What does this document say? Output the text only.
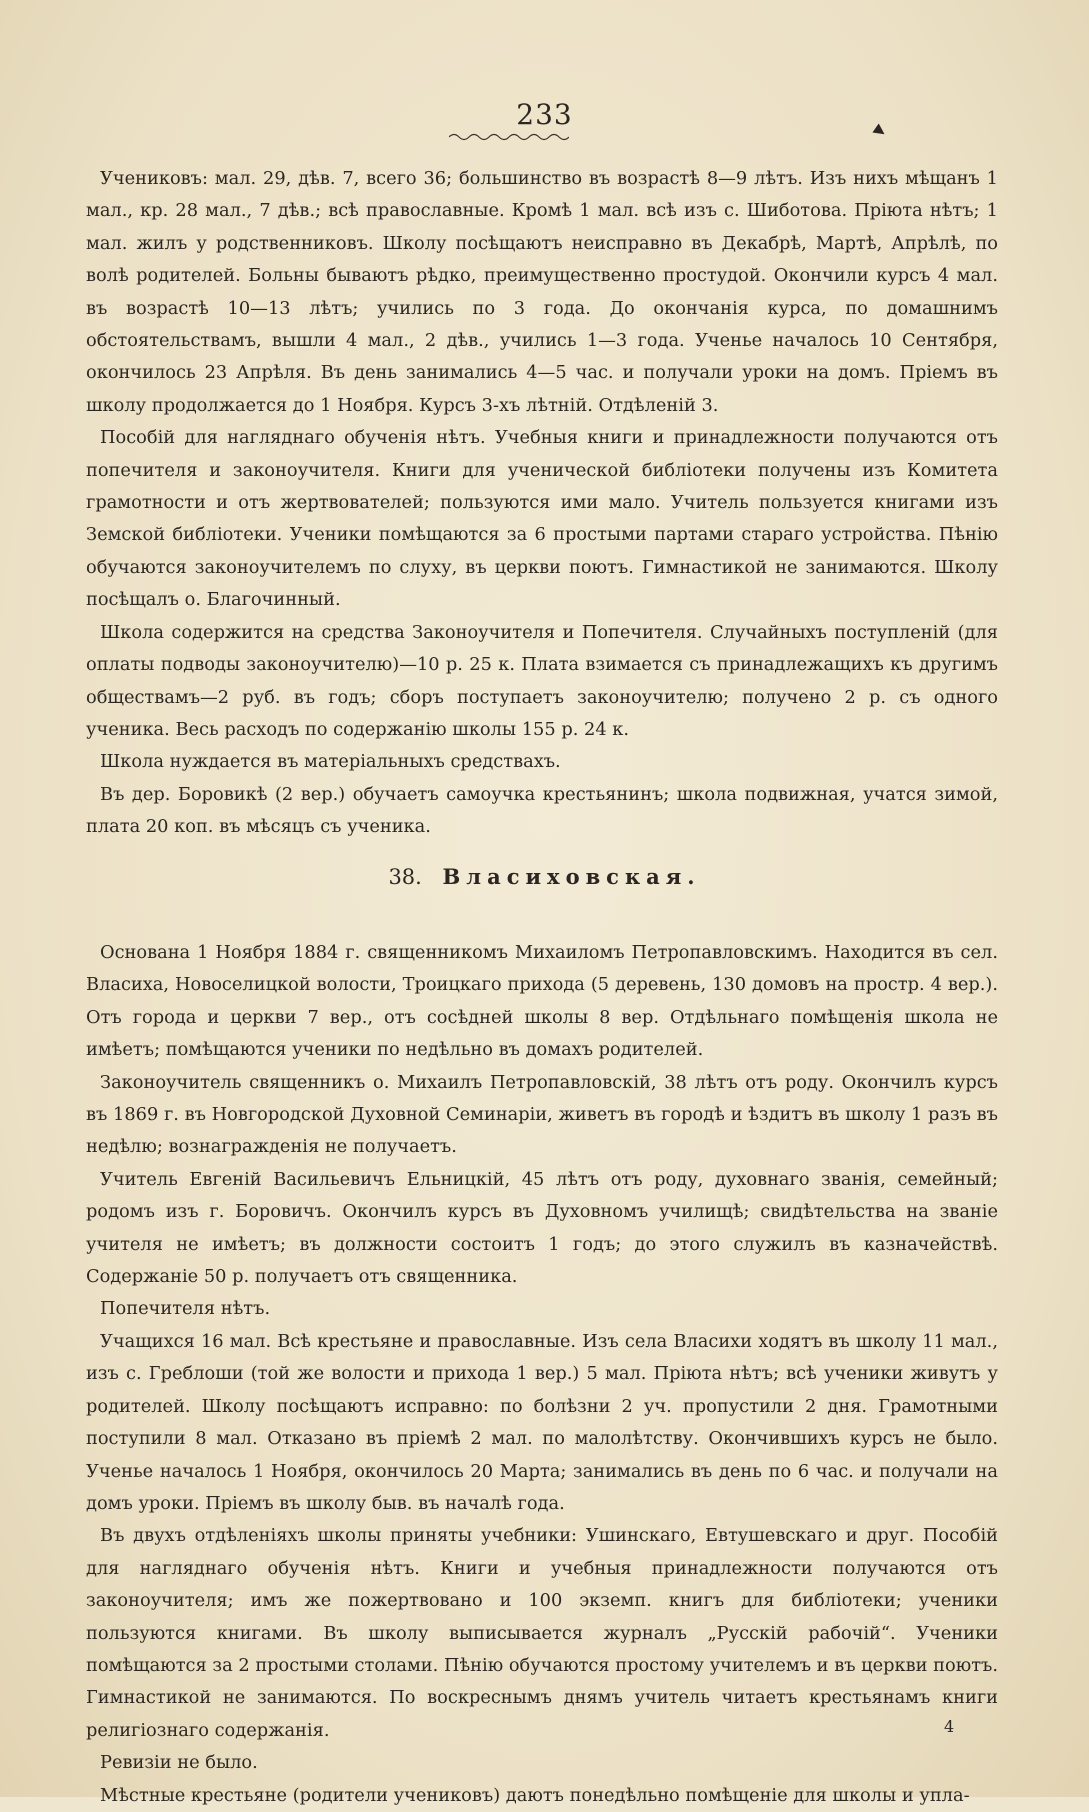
233	▸

Учениковъ: мал. 29, дѣв. 7, всего 36; большинство въ возрастѣ 8—9 лѣтъ. Изъ нихъ мѣщанъ 1 мал., кр. 28 мал., 7 дѣв.; всѣ православные. Кромѣ 1 мал. всѣ изъ с. Шиботова. Пріюта нѣтъ; 1 мал. жилъ у родственниковъ. Школу посѣщаютъ неисправно въ Декабрѣ, Мартѣ, Апрѣлѣ, по волѣ родителей. Больны бываютъ рѣдко, преимущественно простудой. Окончили курсъ 4 мал. въ возрастѣ 10—13 лѣтъ; учились по 3 года. До окончанія курса, по домашнимъ обстоятельствамъ, вышли 4 мал., 2 дѣв., учились 1—3 года. Ученье началось 10 Сентября, окончилось 23 Апрѣля. Въ день занимались 4—5 час. и получали уроки на домъ. Пріемъ въ школу продолжается до 1 Ноября. Курсъ 3-хъ лѣтній. Отдѣленій 3.

Пособій для нагляднаго обученія нѣтъ. Учебныя книги и принадлежности получаются отъ попечителя и законоучителя. Книги для ученической библіотеки получены изъ Комитета грамотности и отъ жертвователей; пользуются ими мало. Учитель пользуется книгами изъ Земской библіотеки. Ученики помѣщаются за 6 простыми партами стараго устройства. Пѣнію обучаются законоучителемъ по слуху, въ церкви поютъ. Гимнастикой не занимаются. Школу посѣщалъ о. Благочинный.

Школа содержится на средства Законоучителя и Попечителя. Случайныхъ поступленій (для оплаты подводы законоучителю)—10 р. 25 к. Плата взимается съ принадлежащихъ къ другимъ обществамъ—2 руб. въ годъ; сборъ поступаетъ законоучителю; получено 2 р. съ одного ученика. Весь расходъ по содержанію школы 155 р. 24 к.

Школа нуждается въ матеріальныхъ средствахъ.

Въ дер. Боровикѣ (2 вер.) обучаетъ самоучка крестьянинъ; школа подвижная, учатся зимой, плата 20 коп. въ мѣсяцъ съ ученика.

38. Власиховская.

Основана 1 Ноября 1884 г. священникомъ Михаиломъ Петропавловскимъ. Находится въ сел. Власиха, Новоселицкой волости, Троицкаго прихода (5 деревень, 130 домовъ на простр. 4 вер.). Отъ города и церкви 7 вер., отъ сосѣдней школы 8 вер. Отдѣльнаго помѣщенія школа не имѣетъ; помѣщаются ученики по недѣльно въ домахъ родителей.

Законоучитель священникъ о. Михаилъ Петропавловскій, 38 лѣтъ отъ роду. Окончилъ курсъ въ 1869 г. въ Новгородской Духовной Семинаріи, живетъ въ городѣ и ѣздитъ въ школу 1 разъ въ недѣлю; вознагражденія не получаетъ.

Учитель Евгеній Васильевичъ Ельницкій, 45 лѣтъ отъ роду, духовнаго званія, семейный; родомъ изъ г. Боровичъ. Окончилъ курсъ въ Духовномъ училищѣ; свидѣтельства на званіе учителя не имѣетъ; въ должности состоитъ 1 годъ; до этого служилъ въ казначействѣ. Содержаніе 50 р. получаетъ отъ священника.

Попечителя нѣтъ.

Учащихся 16 мал. Всѣ крестьяне и православные. Изъ села Власихи ходятъ въ школу 11 мал., изъ с. Греблоши (той же волости и прихода 1 вер.) 5 мал. Пріюта нѣтъ; всѣ ученики живутъ у родителей. Школу посѣщаютъ исправно: по болѣзни 2 уч. пропустили 2 дня. Грамотными поступили 8 мал. Отказано въ пріемѣ 2 мал. по малолѣтству. Окончившихъ курсъ не было. Ученье началось 1 Ноября, окончилось 20 Марта; занимались въ день по 6 час. и получали на домъ уроки. Пріемъ въ школу быв. въ началѣ года.

Въ двухъ отдѣленіяхъ школы приняты учебники: Ушинскаго, Евтушевскаго и друг. Пособій для нагляднаго обученія нѣтъ. Книги и учебныя принадлежности получаются отъ законоучителя; имъ же пожертвовано и 100 экземп. книгъ для библіотеки; ученики пользуются книгами. Въ школу выписывается журналъ „Русскій рабочій“. Ученики помѣщаются за 2 простыми столами. Пѣнію обучаются простому учителемъ и въ церкви поютъ. Гимнастикой не занимаются. По воскреснымъ днямъ учитель читаетъ крестьянамъ книги религіознаго содержанія.

Ревизіи не было.

Мѣстные крестьяне (родители учениковъ) даютъ понедѣльно помѣщеніе для школы и упла-

4
